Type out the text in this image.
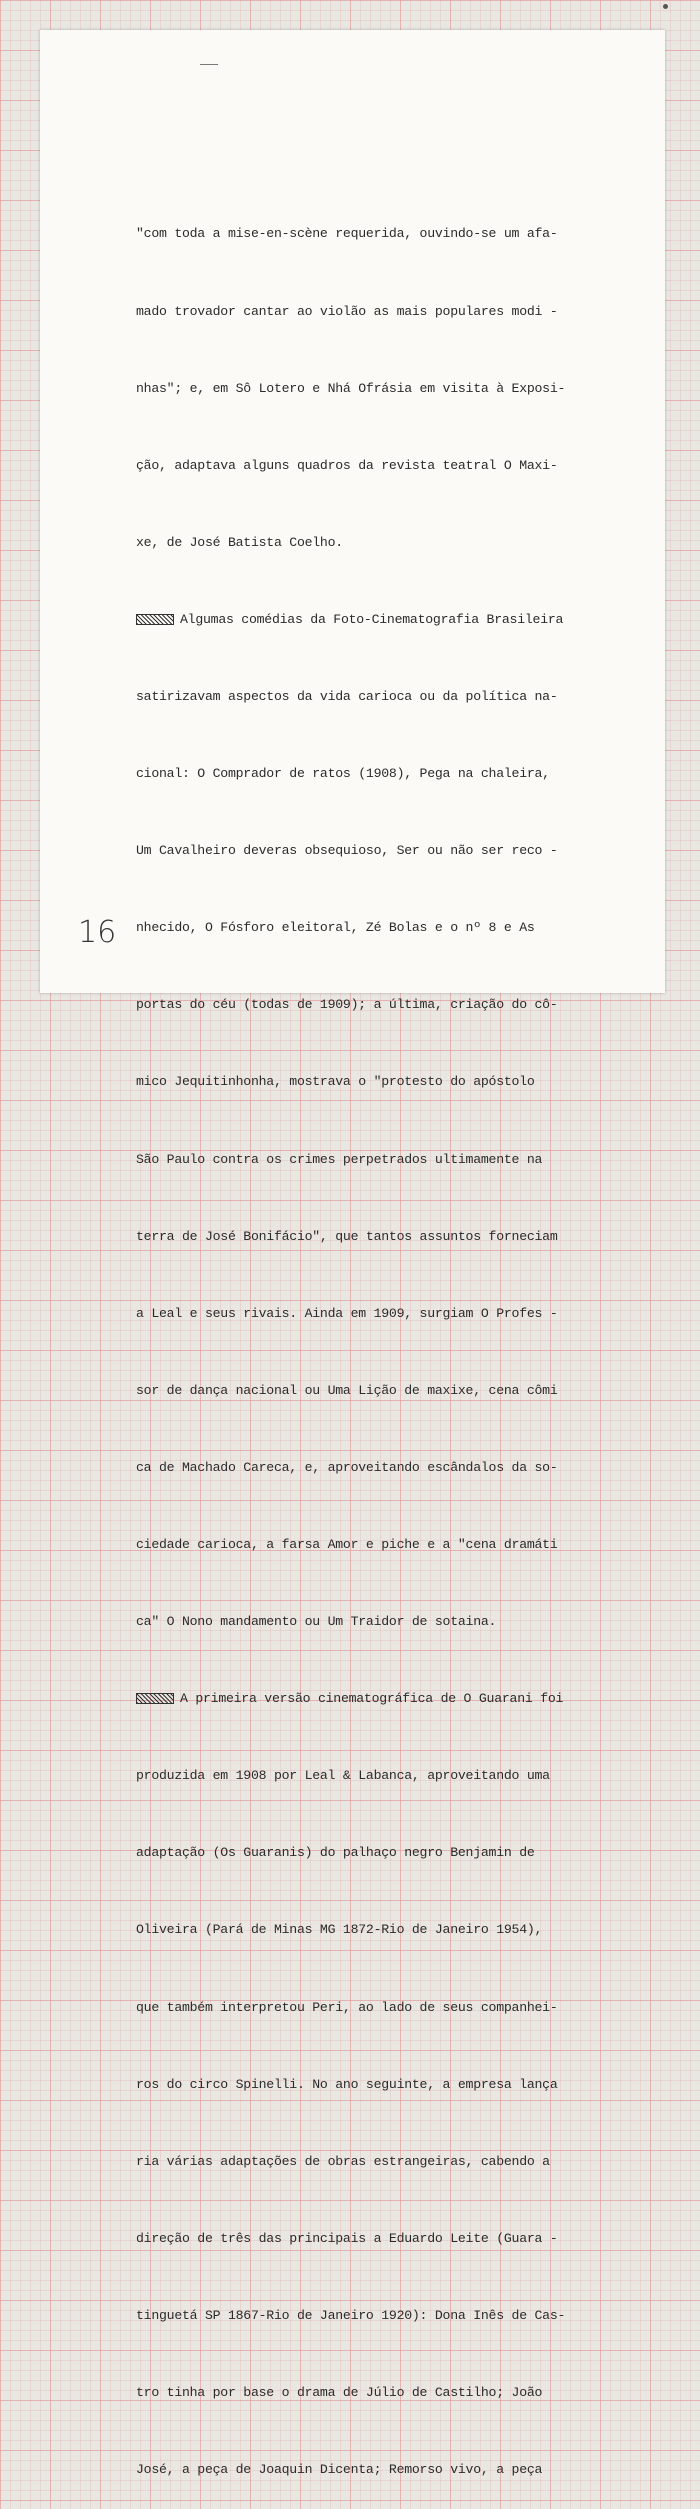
"com toda a mise-en-scène requerida, ouvindo-se um afa-

mado trovador cantar ao violão as mais populares modi -

nhas"; e, em Sô Lotero e Nhá Ofrásia em visita à Exposi-

ção, adaptava alguns quadros da revista teatral O Maxi-

xe, de José Batista Coelho.

Algumas comédias da Foto-Cinematografia Brasileira

satirizavam aspectos da vida carioca ou da política na-

cional: O Comprador de ratos (1908), Pega na chaleira,

Um Cavalheiro deveras obsequioso, Ser ou não ser reco -

nhecido, O Fósforo eleitoral, Zé Bolas e o nº 8 e As

portas do céu (todas de 1909); a última, criação do cô-

mico Jequitinhonha, mostrava o "protesto do apóstolo

São Paulo contra os crimes perpetrados ultimamente na

terra de José Bonifácio", que tantos assuntos forneciam

a Leal e seus rivais. Ainda em 1909, surgiam O Profes -

sor de dança nacional ou Uma Lição de maxixe, cena cômi

ca de Machado Careca, e, aproveitando escândalos da so-

ciedade carioca, a farsa Amor e piche e a "cena dramáti

ca" O Nono mandamento ou Um Traidor de sotaina.

A primeira versão cinematográfica de O Guarani foi

produzida em 1908 por Leal & Labanca, aproveitando uma

adaptação (Os Guaranis) do palhaço negro Benjamin de

Oliveira (Pará de Minas MG 1872-Rio de Janeiro 1954),

que também interpretou Peri, ao lado de seus companhei-

ros do circo Spinelli. No ano seguinte, a empresa lança

ria várias adaptações de obras estrangeiras, cabendo a

direção de três das principais a Eduardo Leite (Guara -

tinguetá SP 1867-Rio de Janeiro 1920): Dona Inês de Cas-

tro tinha por base o drama de Júlio de Castilho; João

José, a peça de Joaquin Dicenta; Remorso vivo, a peça

16
